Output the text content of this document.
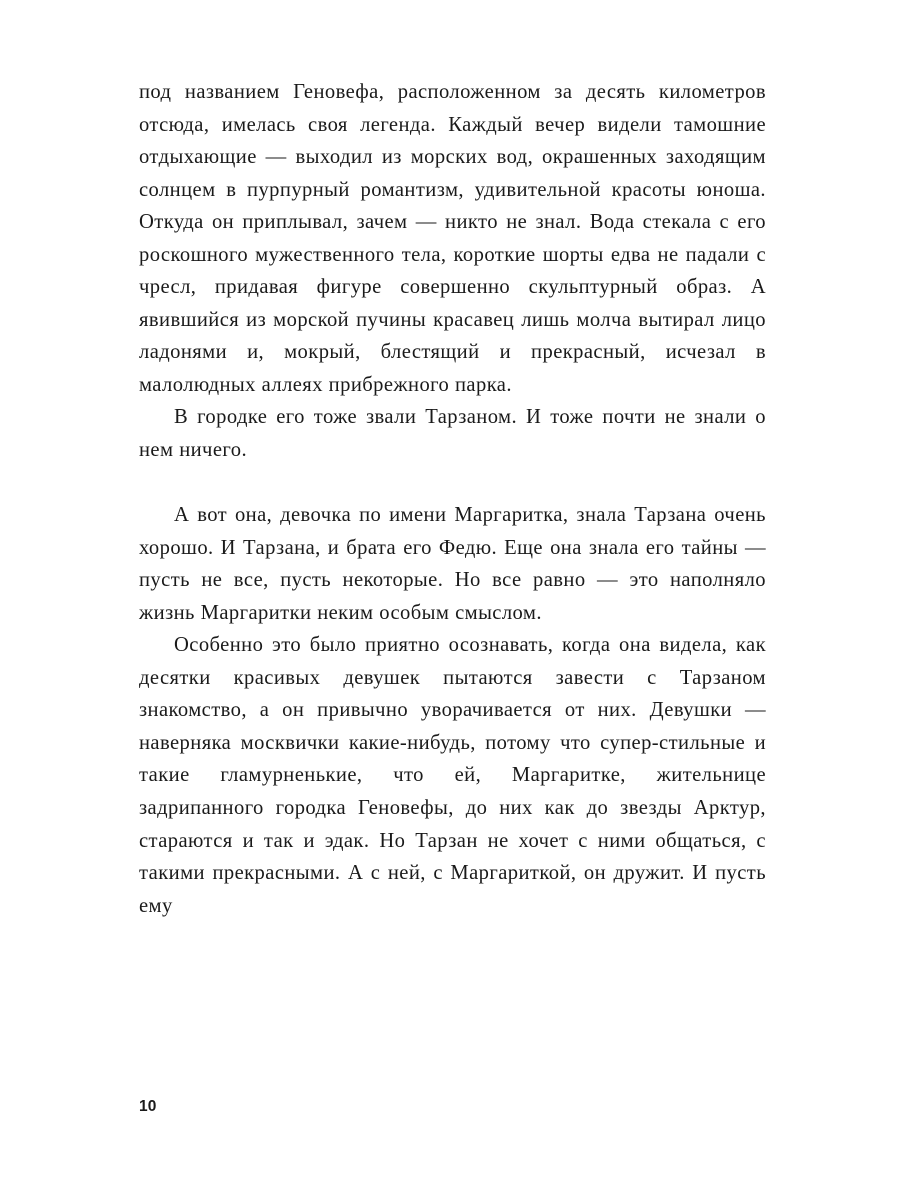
под названием Геновефа, расположенном за десять километров отсюда, имелась своя легенда. Каждый вечер видели тамошние отдыхающие — выходил из морских вод, окрашенных заходящим солнцем в пурпурный романтизм, удивительной красоты юноша. Откуда он приплывал, зачем — никто не знал. Вода стекала с его роскошного мужественного тела, короткие шорты едва не падали с чресл, придавая фигуре совершенно скульптурный образ. А явившийся из морской пучины красавец лишь молча вытирал лицо ладонями и, мокрый, блестящий и прекрасный, исчезал в малолюдных аллеях прибрежного парка.

В городке его тоже звали Тарзаном. И тоже почти не знали о нем ничего.

А вот она, девочка по имени Маргаритка, знала Тарзана очень хорошо. И Тарзана, и брата его Федю. Еще она знала его тайны — пусть не все, пусть некоторые. Но все равно — это наполняло жизнь Маргаритки неким особым смыслом.

Особенно это было приятно осознавать, когда она видела, как десятки красивых девушек пытаются завести с Тарзаном знакомство, а он привычно уворачивается от них. Девушки — наверняка москвички какие-нибудь, потому что супер-стильные и такие гламурненькие, что ей, Маргаритке, жительнице задрипанного городка Геновефы, до них как до звезды Арктур, стараются и так и эдак. Но Тарзан не хочет с ними общаться, с такими прекрасными. А с ней, с Маргариткой, он дружит. И пусть ему

10
